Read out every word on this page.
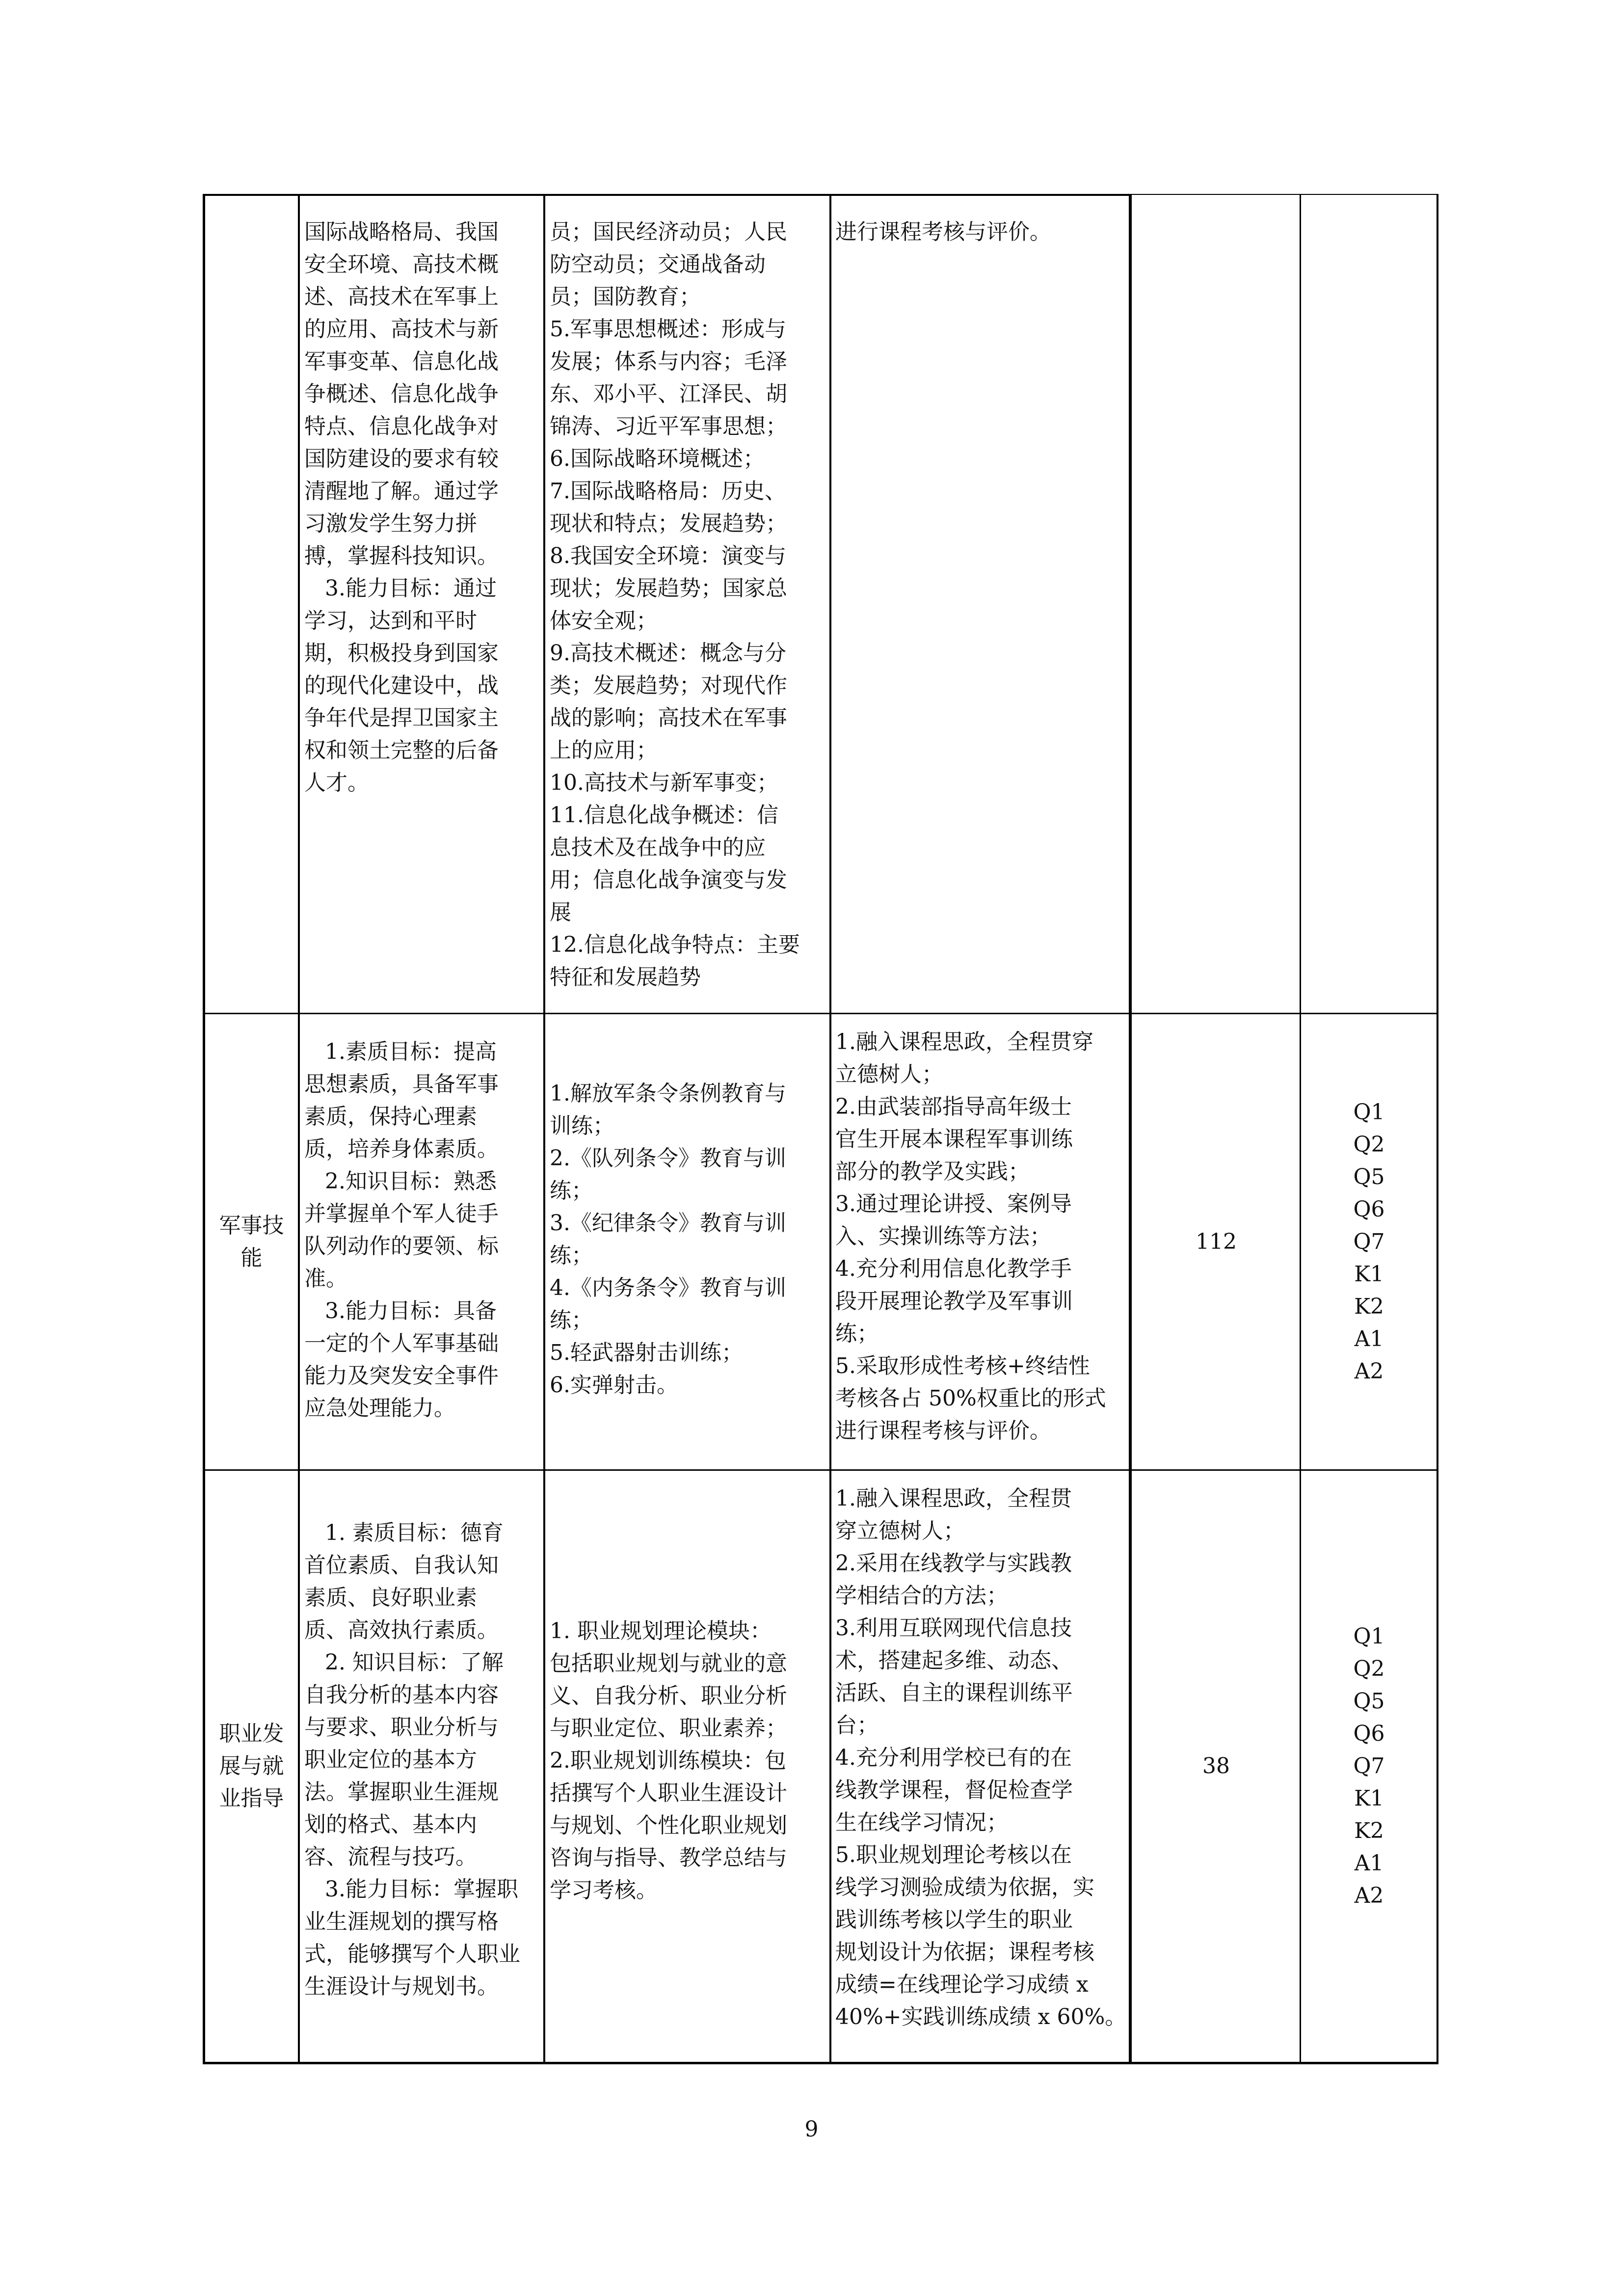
国际战略格局、我国
安全环境、高技术概
述、高技术在军事上
的应用、高技术与新
军事变革、信息化战
争概述、信息化战争
特点、信息化战争对
国防建设的要求有较
清醒地了解。通过学
习激发学生努力拼
搏，掌握科技知识。
3.能力目标：通过
学习，达到和平时
期，积极投身到国家
的现代化建设中，战
争年代是捍卫国家主
权和领土完整的后备
人才。
员；国民经济动员；人民
防空动员；交通战备动
员；国防教育；
5.军事思想概述：形成与
发展；体系与内容；毛泽
东、邓小平、江泽民、胡
锦涛、习近平军事思想；
6.国际战略环境概述；
7.国际战略格局：历史、
现状和特点；发展趋势；
8.我国安全环境：演变与
现状；发展趋势；国家总
体安全观；
9.高技术概述：概念与分
类；发展趋势；对现代作
战的影响；高技术在军事
上的应用；
10.高技术与新军事变；
11.信息化战争概述：信
息技术及在战争中的应
用；信息化战争演变与发
展
12.信息化战争特点：主要
特征和发展趋势
进行课程考核与评价。
军事技
能
1.素质目标：提高
思想素质，具备军事
素质，保持心理素
质，培养身体素质。
2.知识目标：熟悉
并掌握单个军人徒手
队列动作的要领、标
准。
3.能力目标：具备
一定的个人军事基础
能力及突发安全事件
应急处理能力。
1.解放军条令条例教育与
训练；
2.《队列条令》教育与训
练；
3.《纪律条令》教育与训
练；
4.《内务条令》教育与训
练；
5.轻武器射击训练；
6.实弹射击。
1.融入课程思政，全程贯穿
立德树人；
2.由武装部指导高年级士
官生开展本课程军事训练
部分的教学及实践；
3.通过理论讲授、案例导
入、实操训练等方法；
4.充分利用信息化教学手
段开展理论教学及军事训
练；
5.采取形成性考核+终结性
考核各占 50%权重比的形式
进行课程考核与评价。
112
Q1
Q2
Q5
Q6
Q7
K1
K2
A1
A2
职业发
展与就
业指导
1. 素质目标：德育
首位素质、自我认知
素质、良好职业素
质、高效执行素质。
2. 知识目标：了解
自我分析的基本内容
与要求、职业分析与
职业定位的基本方
法。掌握职业生涯规
划的格式、基本内
容、流程与技巧。
3.能力目标：掌握职
业生涯规划的撰写格
式，能够撰写个人职业
生涯设计与规划书。
1. 职业规划理论模块：
包括职业规划与就业的意
义、自我分析、职业分析
与职业定位、职业素养；
2.职业规划训练模块：包
括撰写个人职业生涯设计
与规划、个性化职业规划
咨询与指导、教学总结与
学习考核。
1.融入课程思政，全程贯
穿立德树人；
2.采用在线教学与实践教
学相结合的方法；
3.利用互联网现代信息技
术，搭建起多维、动态、
活跃、自主的课程训练平
台；
4.充分利用学校已有的在
线教学课程，督促检查学
生在线学习情况；
5.职业规划理论考核以在
线学习测验成绩为依据，实
践训练考核以学生的职业
规划设计为依据；课程考核
成绩=在线理论学习成绩 x
40%+实践训练成绩 x 60%。
38
Q1
Q2
Q5
Q6
Q7
K1
K2
A1
A2
9
